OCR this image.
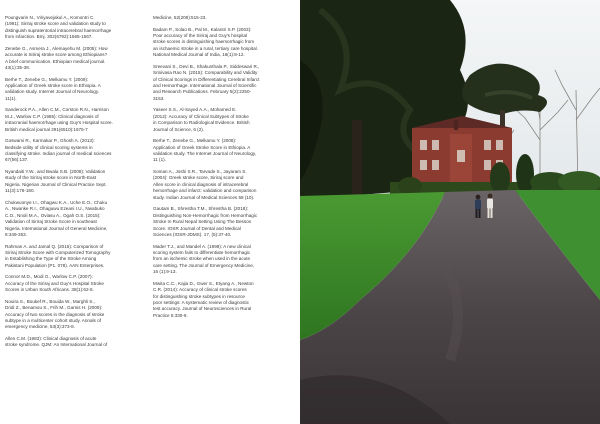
Poungvarin N., Viriyavejakul A., Komontri C.
(1991): Siriraj stroke score and validation study to
distinguish supratentorial intracerebral haemorrhage
from infarction. Bmj. 302(6792):1565-1567.

Zenebe G., Asmera J., Alemayehu M. (2005): How
accurate is Siriraj stroke score among Ethiopians?
A brief communication. Ethiopian medical journal.
43(1):35-38.

Berhe T., Zenebe G., Melkamu Y. (2009):
Application of Greek stroke score in Ethiopia. A
validation study. Internet Journal of Neurology.
11(1).

Sanderock P.A., Allen C.M., Corston R.N., Harrison
M.J., Warlow C.P. (1985): Clinical diagnosis of
intracranial haemorrhage using Guy's Hospital score.
British medical journal 291(6510):1675-7

Goswami R., Karmakar P., Ghosh A. (2013):
Bedside utility of clinical scoring systems in
classifying stroke. Indian journal of medical sciences
67(56):137.

Nyandaiti Y.W., and Bwala S.B. (2008): Validation
study of the Siriraj stroke score in North-East
Nigeria. Nigerian Journal of Clinical Practice Sept.
11(3):176-180.

Chukwuonye I.I., Ohagwu K.A., Uche E.O., Chuku
A., Nwanke R.I., Ohaguwu Ezeani I.U., Nwabuko
C.O., Nnoli M.A., Oviasu A., Ogah O.S. (2015):
Validation of Siriraj Stroke Score in southeast
Nigeria. International Journal of General Medicine,
8:349-353.

Rahman A. and Jamal Q. (2015): Comparison of
Siriraj Stroke Score with Computerized Tomography
in Establishing the Type of the Stroke Among
Pakistani Population (P1. 078). AAN Enterprises.

Connor M.D., Modi G., Warlow C.P. (2007):
Accuracy of the Siriraj and Guy's Hospital Stroke
Scores in Urban South Africans. 38(1):62-8.

Nouira S., Boukef R., Bouida W., Marghli S.,
Dridi Z., Benamou S., Frih M., Garnis H. (2009):
Accuracy of two scores in the diagnosis of stroke
subtype in a multicenter cohort study. Annals of
emergency medicine, 53(3):373-8.

Allen C.M. (1983): Clinical diagnosis of acute
stroke syndrome. QJM: An International Journal of

Medicine, 52(208):515-23.

Badam P., Solao B., Pal M., Kalantri S.P. (2003):
Poor accuracy of the Siriraj and Guy's hospital
stroke scores in distinguishing haemorrhagic from
an ischaemic stroke in a rural, tertiary care hospital.
National Medical Journal of India, 16(1):8-12.

Sreevani S., Devi B., Shakunthala P., Siddeswari R.,
Srinivasa Rao N. (2015): Comparability and Validity
of Clinical Scorings in Differentiating Cerebral Infarct
and Hemorrhage. International Journal of Scientific
and Research Publications. February 5(2):2250-
3153.

Yaseer S.S., Al-Sayed A.A., Mohamed E.
(2012): Accuracy of Clinical Subtypes of Stroke
in Comparison to Radiological Evidence. British
Journal of Science, 6 (2).

Berhe T., Zenebe G., Melkamu Y. (2008):
Application of Greek Stroke Score in Ethiopia. A
validation study. The Internet Journal of Neurology,
11 (1).

Soman A., Joshi S.R., Tarvade S., Jayaram S.
(2004): Greek stroke score, Siriraj score and
Allen score in clinical diagnosis of intracerebral
hemorrhage and infarct: validation and comparison
study. Indian Journal of Medical Sciences 58 (10).

Gautam B., Shrestha T.M., Shrestha B. (2018):
Distinguishing Non-Hemorrhagic from Hemorrhagic
Stroke In Rural Nepal Setting Using The Besson
Score. IOSR Journal of Dental and Medical
Sciences (IOSR-JDMS). 17, (5):37-40.

Mader T.J., and Mandel A. (1998): A new clinical
scoring system fails to differentiate hemorrhagic
from an ischemic stroke when used in the acute
care setting. The Journal of Emergency Medicine,
16 (1):9-13.

Mwita C.C., Kajia D., Gwer S., Etyang A., Newton
C.R. (2014): Accuracy of clinical stroke scores
for distinguishing stroke subtypes in resource
poor settings: A systematic review of diagnostic
test accuracy. Journal of Neurosciences in Rural
Practice 5:330-9.
